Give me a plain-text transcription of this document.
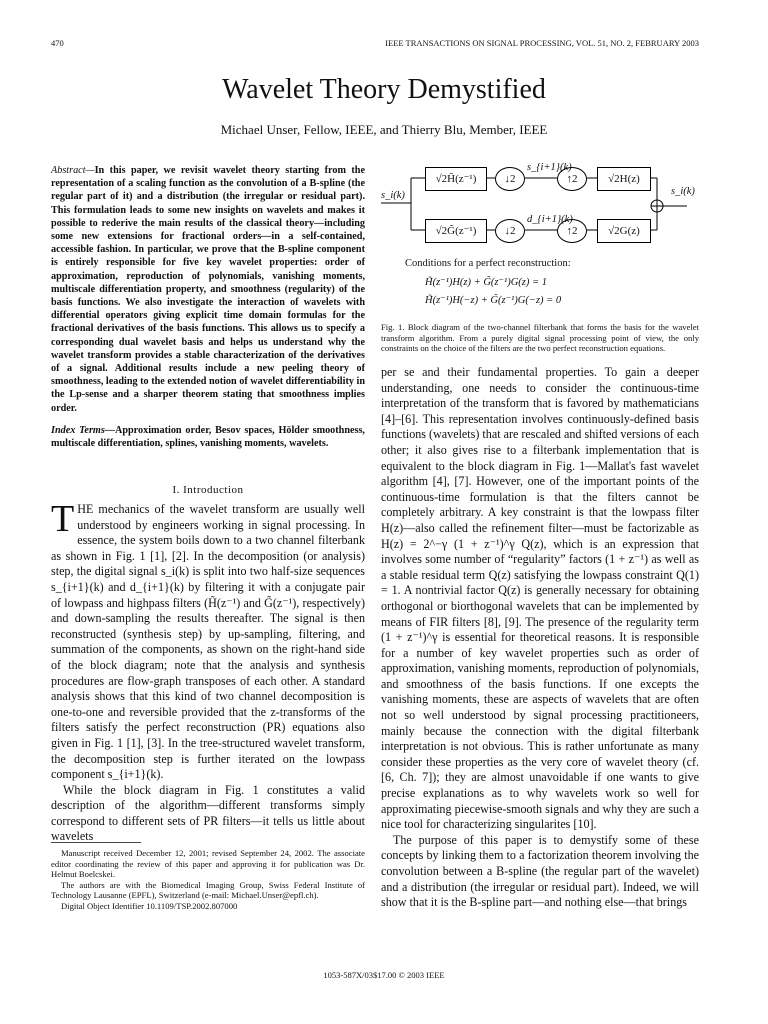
470	IEEE TRANSACTIONS ON SIGNAL PROCESSING, VOL. 51, NO. 2, FEBRUARY 2003
Wavelet Theory Demystified
Michael Unser, Fellow, IEEE, and Thierry Blu, Member, IEEE
Abstract—In this paper, we revisit wavelet theory starting from the representation of a scaling function as the convolution of a B-spline (the regular part of it) and a distribution (the irregular or residual part). This formulation leads to some new insights on wavelets and makes it possible to rederive the main results of the classical theory—including some new extensions for fractional orders—in a self-contained, accessible fashion. In particular, we prove that the B-spline component is entirely responsible for five key wavelet properties: order of approximation, reproduction of polynomials, vanishing moments, multiscale differentiation property, and smoothness (regularity) of the basis functions. We also investigate the interaction of wavelets with differential operators giving explicit time domain formulas for the fractional derivatives of the basis functions. This allows us to specify a corresponding dual wavelet basis and helps us understand why the wavelet transform provides a stable characterization of the derivatives of a signal. Additional results include a new peeling theory of smoothness, leading to the extended notion of wavelet differentiability in the Lp-sense and a sharper theorem stating that smoothness implies order.
Index Terms—Approximation order, Besov spaces, Hölder smoothness, multiscale differentiation, splines, vanishing moments, wavelets.
I. Introduction

THE mechanics of the wavelet transform are usually well understood by engineers working in signal processing. In essence, the system boils down to a two channel filterbank as shown in Fig. 1 [1], [2]. In the decomposition (or analysis) step, the digital signal s_i(k) is split into two half-size sequences s_{i+1}(k) and d_{i+1}(k) by filtering it with a conjugate pair of lowpass and highpass filters (H̃(z⁻¹) and G̃(z⁻¹), respectively) and down-sampling the results thereafter. The signal is then reconstructed (synthesis step) by up-sampling, filtering, and summation of the components, as shown on the right-hand side of the block diagram; note that the analysis and synthesis procedures are flow-graph transposes of each other. A standard analysis shows that this kind of two channel decomposition is one-to-one and reversible provided that the z-transforms of the filters satisfy the perfect reconstruction (PR) equations also given in Fig. 1 [1], [3]. In the tree-structured wavelet transform, the decomposition step is further iterated on the lowpass component s_{i+1}(k).

While the block diagram in Fig. 1 constitutes a valid description of the algorithm—different transforms simply correspond to different sets of PR filters—it tells us little about wavelets

Manuscript received December 12, 2001; revised September 24, 2002. The associate editor coordinating the review of this paper and approving it for publication was Dr. Helmut Boelcskei.

The authors are with the Biomedical Imaging Group, Swiss Federal Institute of Technology Lausanne (EPFL), Switzerland (e-mail: Michael.Unser@epfl.ch).

Digital Object Identifier 10.1109/TSP.2002.807000

s_i(k)	s_i(k)
√2H̃(z⁻¹)
√2G̃(z⁻¹)
↓2
↓2
s_{i+1}(k)
d_{i+1}(k)
↑2
↑2
√2H(z)
√2G(z)
Conditions for a perfect reconstruction:
H̃(z⁻¹)H(z) + G̃(z⁻¹)G(z) = 1
H̃(z⁻¹)H(−z) + G̃(z⁻¹)G(−z) = 0
Fig. 1. Block diagram of the two-channel filterbank that forms the basis for the wavelet transform algorithm. From a purely digital signal processing point of view, the only constraints on the choice of the filters are the two perfect reconstruction equations.

per se and their fundamental properties. To gain a deeper understanding, one needs to consider the continuous-time interpretation of the transform that is favored by mathematicians [4]–[6]. This representation involves continuously-defined basis functions (wavelets) that are rescaled and shifted versions of each other; it also gives rise to a filterbank implementation that is equivalent to the block diagram in Fig. 1—Mallat's fast wavelet algorithm [4], [7]. However, one of the important points of the continuous-time formulation is that the filters cannot be completely arbitrary. A key constraint is that the lowpass filter H(z)—also called the refinement filter—must be factorizable as H(z) = 2^−γ (1 + z⁻¹)^γ Q(z), which is an expression that involves some number of “regularity” factors (1 + z⁻¹) as well as a stable residual term Q(z) satisfying the lowpass constraint Q(1) = 1. A nontrivial factor Q(z) is generally necessary for obtaining orthogonal or biorthogonal wavelets that can be implemented by means of FIR filters [8], [9]. The presence of the regularity term (1 + z⁻¹)^γ is essential for theoretical reasons. It is responsible for a number of key wavelet properties such as order of approximation, vanishing moments, reproduction of polynomials, and smoothness of the basis functions. If one excepts the vanishing moments, these are aspects of wavelets that are often not so well understood by signal processing practitioneers, mainly because the connection with the digital filterbank interpretation is not obvious. This is rather unfortunate as many consider these properties as the very core of wavelet theory (cf. [6, Ch. 7]); they are almost unavoidable if one wants to give precise explanations as to why wavelets work so well for approximating piecewise-smooth signals and why they are such a nice tool for characterizing singularites [10].

The purpose of this paper is to demystify some of these concepts by linking them to a factorization theorem involving the convolution between a B-spline (the regular part of the wavelet) and a distribution (the irregular or residual part). Indeed, we will show that it is the B-spline part—and nothing else—that brings

1053-587X/03$17.00 © 2003 IEEE
